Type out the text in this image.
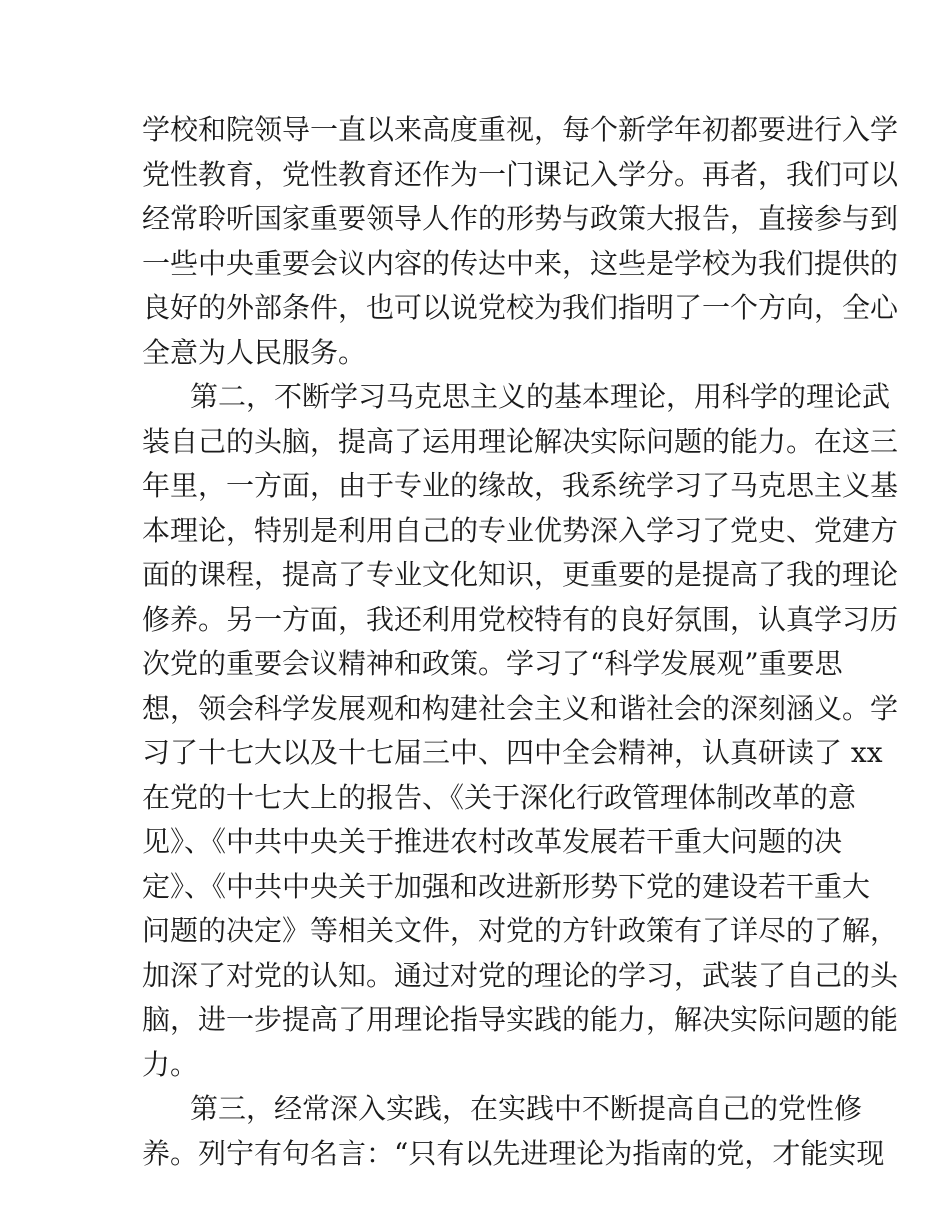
学校和院领导一直以来高度重视，每个新学年初都要进行入学
党性教育，党性教育还作为一门课记入学分。再者，我们可以
经常聆听国家重要领导人作的形势与政策大报告，直接参与到
一些中央重要会议内容的传达中来，这些是学校为我们提供的
良好的外部条件，也可以说党校为我们指明了一个方向，全心
全意为人民服务。
第二，不断学习马克思主义的基本理论，用科学的理论武
装自己的头脑，提高了运用理论解决实际问题的能力。在这三
年里，一方面，由于专业的缘故，我系统学习了马克思主义基
本理论，特别是利用自己的专业优势深入学习了党史、党建方
面的课程，提高了专业文化知识，更重要的是提高了我的理论
修养。另一方面，我还利用党校特有的良好氛围，认真学习历
次党的重要会议精神和政策。学习了“科学发展观”重要思
想，领会科学发展观和构建社会主义和谐社会的深刻涵义。学
习了十七大以及十七届三中、四中全会精神，认真研读了 xx
在党的十七大上的报告、《关于深化行政管理体制改革的意
见》、《中共中央关于推进农村改革发展若干重大问题的决
定》、《中共中央关于加强和改进新形势下党的建设若干重大
问题的决定》等相关文件，对党的方针政策有了详尽的了解，
加深了对党的认知。通过对党的理论的学习，武装了自己的头
脑，进一步提高了用理论指导实践的能力，解决实际问题的能
力。
第三，经常深入实践，在实践中不断提高自己的党性修
养。列宁有句名言：“只有以先进理论为指南的党，才能实现
